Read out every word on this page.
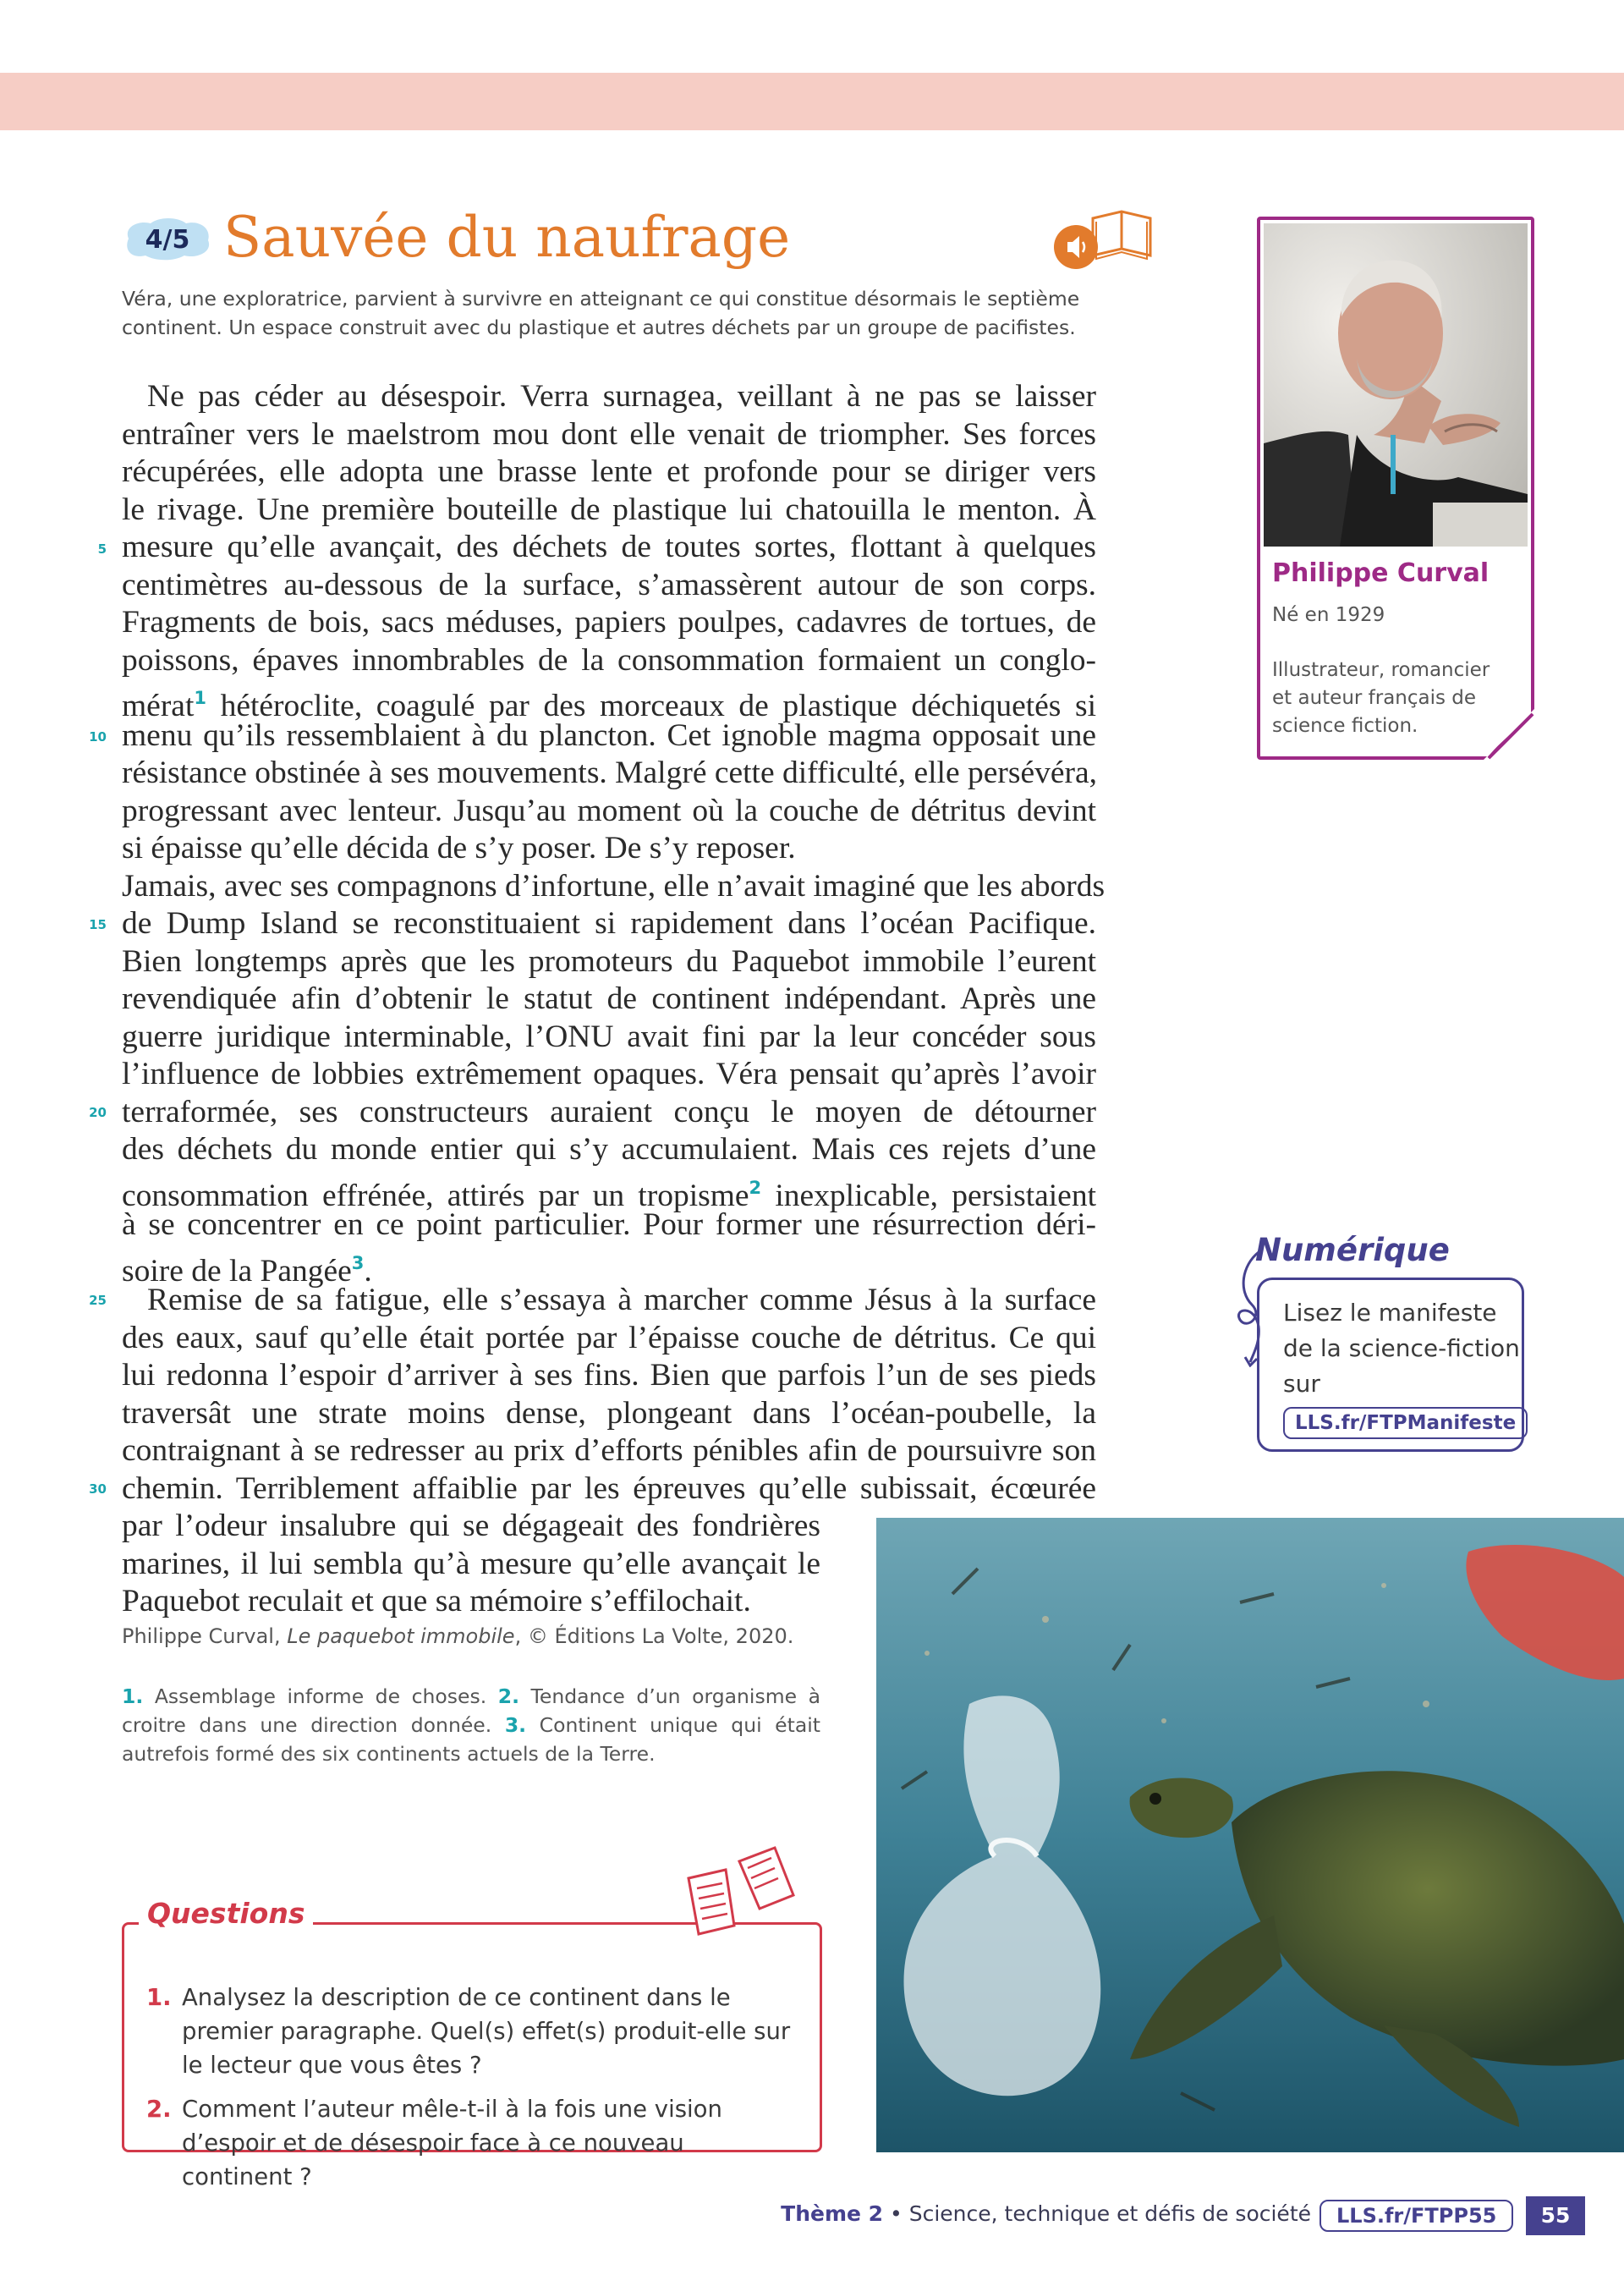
4/5 Sauvée du naufrage
Véra, une exploratrice, parvient à survivre en atteignant ce qui constitue désormais le septième continent. Un espace construit avec du plastique et autres déchets par un groupe de pacifistes.
5
10
15
20
25
30
Ne pas céder au désespoir. Verra surnagea, veillant à ne pas se laisser
entraîner vers le maelstrom mou dont elle venait de triompher. Ses forces
récupérées, elle adopta une brasse lente et profonde pour se diriger vers
le rivage. Une première bouteille de plastique lui chatouilla le menton. À
mesure qu’elle avançait, des déchets de toutes sortes, flottant à quelques
centimètres au-dessous de la surface, s’amassèrent autour de son corps.
Fragments de bois, sacs méduses, papiers poulpes, cadavres de tortues, de
poissons, épaves innombrables de la consommation formaient un conglo-
mérat$^1$ hétéroclite, coagulé par des morceaux de plastique déchiquetés si
menu qu’ils ressemblaient à du plancton. Cet ignoble magma opposait une
résistance obstinée à ses mouvements. Malgré cette difficulté, elle persévéra,
progressant avec lenteur. Jusqu’au moment où la couche de détritus devint
si épaisse qu’elle décida de s’y poser. De s’y reposer.
Jamais, avec ses compagnons d’infortune, elle n’avait imaginé que les abords
de Dump Island se reconstituaient si rapidement dans l’océan Pacifique.
Bien longtemps après que les promoteurs du Paquebot immobile l’eurent
revendiquée afin d’obtenir le statut de continent indépendant. Après une
guerre juridique interminable, l’ONU avait fini par la leur concéder sous
l’influence de lobbies extrêmement opaques. Véra pensait qu’après l’avoir
terraformée, ses constructeurs auraient conçu le moyen de détourner
des déchets du monde entier qui s’y accumulaient. Mais ces rejets d’une
consommation effrénée, attirés par un tropisme$^2$ inexplicable, persistaient
à se concentrer en ce point particulier. Pour former une résurrection déri-
soire de la Pangée$^3$.
Remise de sa fatigue, elle s’essaya à marcher comme Jésus à la surface
des eaux, sauf qu’elle était portée par l’épaisse couche de détritus. Ce qui
lui redonna l’espoir d’arriver à ses fins. Bien que parfois l’un de ses pieds
traversât une strate moins dense, plongeant dans l’océan-poubelle, la
contraignant à se redresser au prix d’efforts pénibles afin de poursuivre son
chemin. Terriblement affaiblie par les épreuves qu’elle subissait, écœurée
par l’odeur insalubre qui se dégageait des fondrières
marines, il lui sembla qu’à mesure qu’elle avançait le
Paquebot reculait et que sa mémoire s’effilochait.
Philippe Curval, Le paquebot immobile, © Éditions La Volte, 2020.
1. Assemblage informe de choses. 2. Tendance d’un organisme à croitre dans une direction donnée. 3. Continent unique qui était autrefois formé des six continents actuels de la Terre.
Philippe Curval
Né en 1929
Illustrateur, romancier et auteur français de science fiction.
Numérique
Lisez le manifeste de la science-fiction sur
LLS.fr/FTPManifeste
1. Analysez la description de ce continent dans le premier paragraphe. Quel(s) effet(s) produit-elle sur le lecteur que vous êtes ?
2. Comment l’auteur mêle-t-il à la fois une vision d’espoir et de désespoir face à ce nouveau continent ?
Questions
Thème 2 • Science, technique et défis de société	LLS.fr/FTPP55	55
